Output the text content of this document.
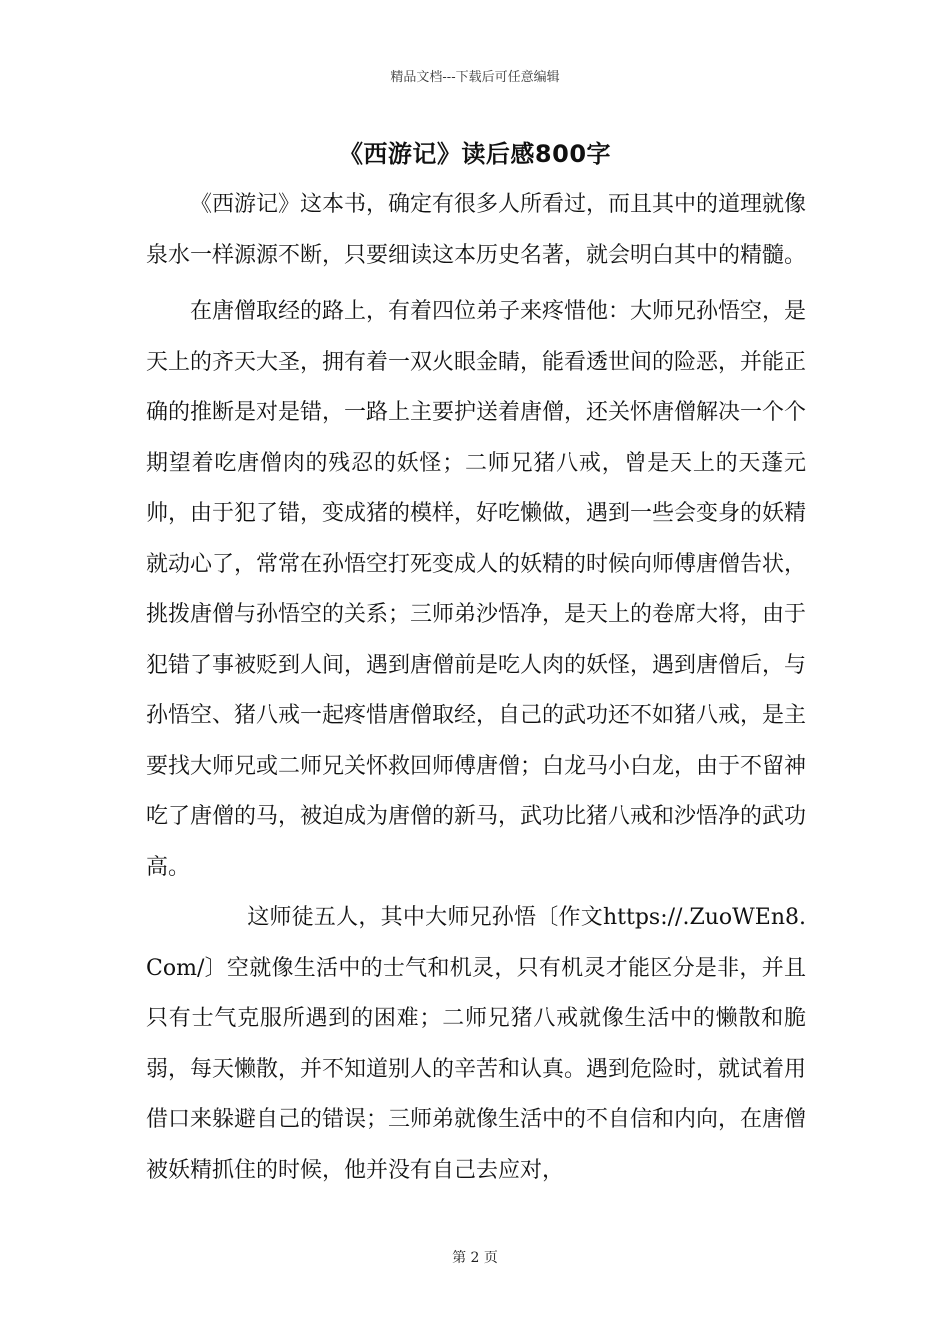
精品文档---下载后可任意编辑
《西游记》读后感800字

《西游记》这本书，确定有很多人所看过，而且其中的道理就像泉水一样源源不断，只要细读这本历史名著，就会明白其中的精髓。

在唐僧取经的路上，有着四位弟子来疼惜他：大师兄孙悟空，是天上的齐天大圣，拥有着一双火眼金睛，能看透世间的险恶，并能正确的推断是对是错，一路上主要护送着唐僧，还关怀唐僧解决一个个期望着吃唐僧肉的残忍的妖怪；二师兄猪八戒，曾是天上的天蓬元帅，由于犯了错，变成猪的模样，好吃懒做，遇到一些会变身的妖精就动心了，常常在孙悟空打死变成人的妖精的时候向师傅唐僧告状，挑拨唐僧与孙悟空的关系；三师弟沙悟净，是天上的卷席大将，由于犯错了事被贬到人间，遇到唐僧前是吃人肉的妖怪，遇到唐僧后，与孙悟空、猪八戒一起疼惜唐僧取经，自己的武功还不如猪八戒，是主要找大师兄或二师兄关怀救回师傅唐僧；白龙马小白龙，由于不留神吃了唐僧的马，被迫成为唐僧的新马，武功比猪八戒和沙悟净的武功高。

这师徒五人，其中大师兄孙悟〔作文https://.ZuoWEn8.Com/〕空就像生活中的士气和机灵，只有机灵才能区分是非，并且只有士气克服所遇到的困难；二师兄猪八戒就像生活中的懒散和脆弱，每天懒散，并不知道别人的辛苦和认真。遇到危险时，就试着用借口来躲避自己的错误；三师弟就像生活中的不自信和内向，在唐僧被妖精抓住的时候，他并没有自己去应对，

第 2 页
